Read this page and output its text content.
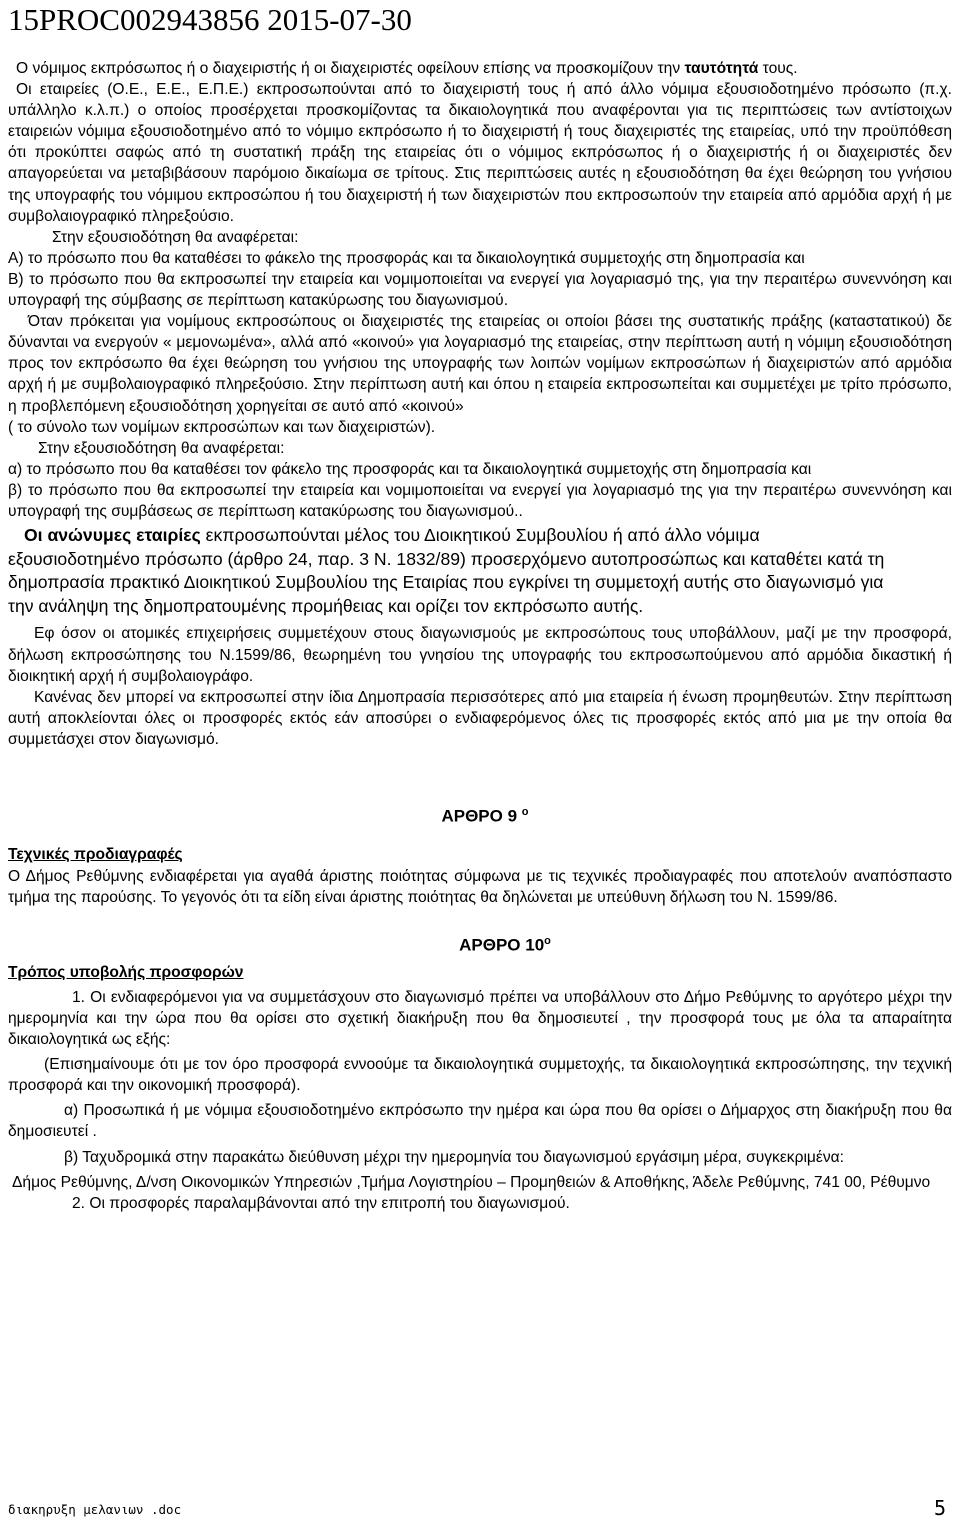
15PROC002943856 2015-07-30

Ο νόμιμος εκπρόσωπος ή ο διαχειριστής ή οι διαχειριστές οφείλουν επίσης να προσκομίζουν την ταυτότητά τους.

Οι εταιρείες (Ο.Ε., Ε.Ε., Ε.Π.Ε.) εκπροσωπούνται από το διαχειριστή τους ή από άλλο νόμιμα εξουσιοδοτημένο πρόσωπο (π.χ. υπάλληλο κ.λ.π.) ο οποίος προσέρχεται προσκομίζοντας τα δικαιολογητικά που αναφέρονται για τις περιπτώσεις των αντίστοιχων εταιρειών νόμιμα εξουσιοδοτημένο από το νόμιμο εκπρόσωπο ή το διαχειριστή ή τους διαχειριστές της εταιρείας, υπό την προϋπόθεση ότι προκύπτει σαφώς από τη συστατική πράξη της εταιρείας ότι ο νόμιμος εκπρόσωπος ή ο διαχειριστής ή οι διαχειριστές δεν απαγορεύεται να μεταβιβάσουν παρόμοιο δικαίωμα σε τρίτους. Στις περιπτώσεις αυτές η εξουσιοδότηση θα έχει θεώρηση του γνήσιου της υπογραφής του νόμιμου εκπροσώπου ή του διαχειριστή ή των διαχειριστών που εκπροσωπούν την εταιρεία από αρμόδια αρχή ή με συμβολαιογραφικό πληρεξούσιο.

Στην εξουσιοδότηση θα αναφέρεται:

Α) το πρόσωπο που θα καταθέσει το φάκελο της προσφοράς και τα δικαιολογητικά συμμετοχής στη δημοπρασία και

Β) το πρόσωπο που θα εκπροσωπεί την εταιρεία και νομιμοποιείται να ενεργεί για λογαριασμό της, για την περαιτέρω συνεννόηση και υπογραφή της σύμβασης σε περίπτωση κατακύρωσης του διαγωνισμού.

Όταν πρόκειται για νομίμους εκπροσώπους οι διαχειριστές της εταιρείας οι οποίοι βάσει της συστατικής πράξης (καταστατικού) δε δύνανται να ενεργούν « μεμονωμένα», αλλά από «κοινού» για λογαριασμό της εταιρείας, στην περίπτωση αυτή η νόμιμη εξουσιοδότηση προς τον εκπρόσωπο θα έχει θεώρηση του γνήσιου της υπογραφής των λοιπών νομίμων εκπροσώπων ή διαχειριστών από αρμόδια αρχή ή με συμβολαιογραφικό πληρεξούσιο. Στην περίπτωση αυτή και όπου η εταιρεία εκπροσωπείται και συμμετέχει με τρίτο πρόσωπο, η προβλεπόμενη εξουσιοδότηση χορηγείται σε αυτό από «κοινού»

( το σύνολο των νομίμων εκπροσώπων και των διαχειριστών).

Στην εξουσιοδότηση θα αναφέρεται:

α) το πρόσωπο που θα καταθέσει τον φάκελο της προσφοράς και τα δικαιολογητικά συμμετοχής στη δημοπρασία και

β) το πρόσωπο που θα εκπροσωπεί την εταιρεία και νομιμοποιείται να ενεργεί για λογαριασμό της για την περαιτέρω συνεννόηση και υπογραφή της συμβάσεως σε περίπτωση κατακύρωσης του διαγωνισμού..

Οι ανώνυμες εταιρίες εκπροσωπούνται μέλος του Διοικητικού Συμβουλίου ή από άλλο νόμιμα εξουσιοδοτημένο πρόσωπο (άρθρο 24, παρ. 3 Ν. 1832/89) προσερχόμενο αυτοπροσώπως και καταθέτει κατά τη δημοπρασία πρακτικό Διοικητικού Συμβουλίου της Εταιρίας που εγκρίνει τη συμμετοχή αυτής στο διαγωνισμό για την ανάληψη της δημοπρατουμένης προμήθειας και ορίζει τον εκπρόσωπο αυτής.

Εφ όσον οι ατομικές επιχειρήσεις συμμετέχουν στους διαγωνισμούς με εκπροσώπους τους υποβάλλουν, μαζί με την προσφορά, δήλωση εκπροσώπησης του Ν.1599/86, θεωρημένη του γνησίου της υπογραφής του εκπροσωπούμενου από αρμόδια δικαστική ή διοικητική αρχή ή συμβολαιογράφο.

Κανένας δεν μπορεί να εκπροσωπεί στην ίδια Δημοπρασία περισσότερες από μια εταιρεία ή ένωση προμηθευτών. Στην περίπτωση αυτή αποκλείονται όλες οι προσφορές εκτός εάν αποσύρει ο ενδιαφερόμενος όλες τις προσφορές εκτός από μια με την οποία θα συμμετάσχει στον διαγωνισμό.

ΑΡΘΡΟ 9 $^o$

Τεχνικές προδιαγραφές

Ο Δήμος Ρεθύμνης ενδιαφέρεται για αγαθά άριστης ποιότητας σύμφωνα με τις τεχνικές προδιαγραφές που αποτελούν αναπόσπαστο τμήμα της παρούσης. Το γεγονός ότι τα είδη είναι άριστης ποιότητας θα δηλώνεται με υπεύθυνη δήλωση του Ν. 1599/86.

ΑΡΘΡΟ $10^o$

Τρόπος υποβολής προσφορών

1. Οι ενδιαφερόμενοι για να συμμετάσχουν στο διαγωνισμό πρέπει να υποβάλλουν στο Δήμο Ρεθύμνης το αργότερο μέχρι την ημερομηνία και την ώρα που θα ορίσει στο σχετική διακήρυξη που θα δημοσιευτεί , την προσφορά τους με όλα τα απαραίτητα δικαιολογητικά ως εξής:

(Επισημαίνουμε ότι με τον όρο προσφορά εννοούμε τα δικαιολογητικά συμμετοχής, τα δικαιολογητικά εκπροσώπησης, την τεχνική προσφορά και την οικονομική προσφορά).

α) Προσωπικά ή με νόμιμα εξουσιοδοτημένο εκπρόσωπο την ημέρα και ώρα που θα ορίσει ο Δήμαρχος στη διακήρυξη που θα δημοσιευτεί .

β) Ταχυδρομικά στην παρακάτω διεύθυνση μέχρι την ημερομηνία του διαγωνισμού εργάσιμη μέρα, συγκεκριμένα:

Δήμος Ρεθύμνης, Δ/νση Οικονομικών Υπηρεσιών ,Τμήμα Λογιστηρίου – Προμηθειών & Αποθήκης, Άδελε Ρεθύμνης, 741 00, Ρέθυμνο

2. Οι προσφορές παραλαμβάνονται από την επιτροπή του διαγωνισμού.

διακηρυξη μελανιων .doc	5
